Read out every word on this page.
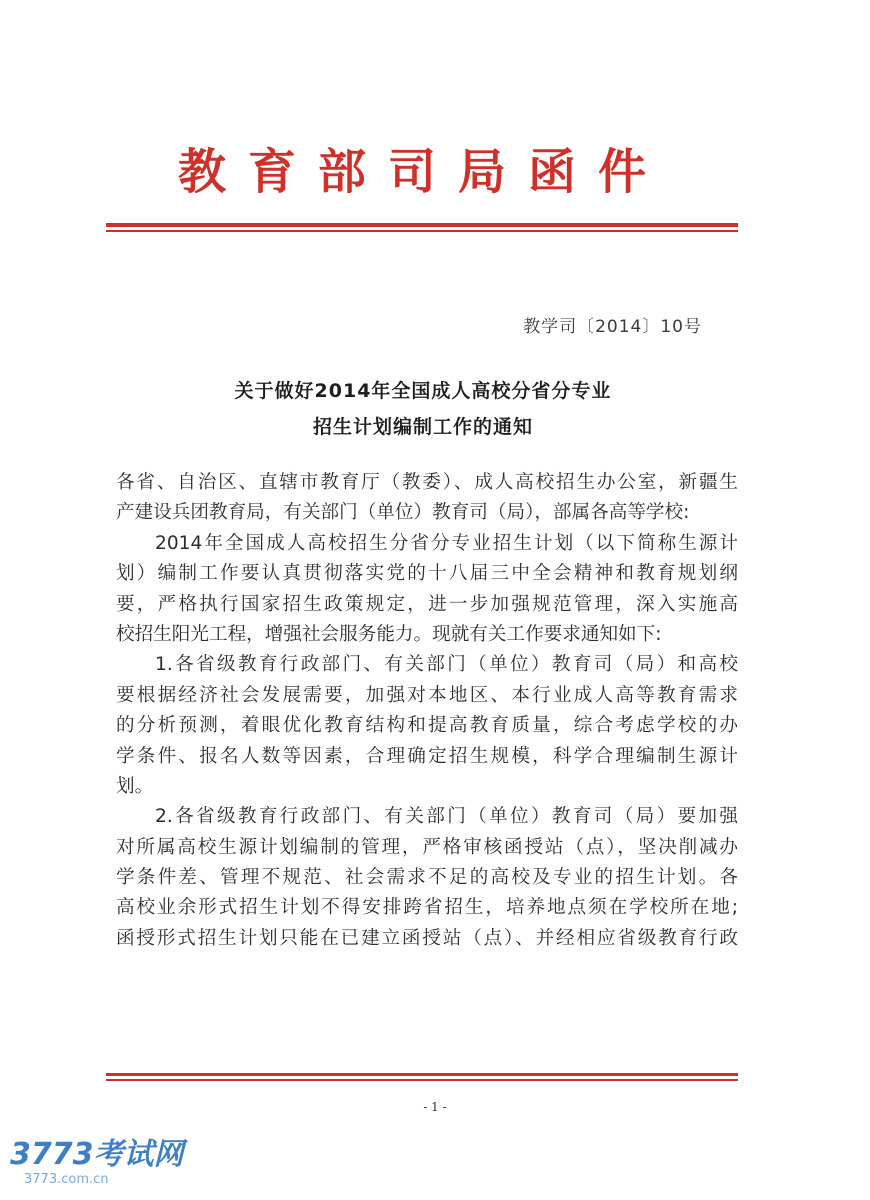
教育部司局函件
教学司〔2014〕10号
关于做好2014年全国成人高校分省分专业
招生计划编制工作的通知
各省、自治区、直辖市教育厅（教委）、成人高校招生办公室，新疆生
产建设兵团教育局，有关部门（单位）教育司（局），部属各高等学校:
2014年全国成人高校招生分省分专业招生计划（以下简称生源计
划）编制工作要认真贯彻落实党的十八届三中全会精神和教育规划纲
要，严格执行国家招生政策规定，进一步加强规范管理，深入实施高
校招生阳光工程，增强社会服务能力。现就有关工作要求通知如下:
1.各省级教育行政部门、有关部门（单位）教育司（局）和高校
要根据经济社会发展需要，加强对本地区、本行业成人高等教育需求
的分析预测，着眼优化教育结构和提高教育质量，综合考虑学校的办
学条件、报名人数等因素，合理确定招生规模，科学合理编制生源计
划。
2.各省级教育行政部门、有关部门（单位）教育司（局）要加强
对所属高校生源计划编制的管理，严格审核函授站（点），坚决削减办
学条件差、管理不规范、社会需求不足的高校及专业的招生计划。各
高校业余形式招生计划不得安排跨省招生，培养地点须在学校所在地;
函授形式招生计划只能在已建立函授站（点）、并经相应省级教育行政
- 1 -
3773考试网
3773.com.cn
